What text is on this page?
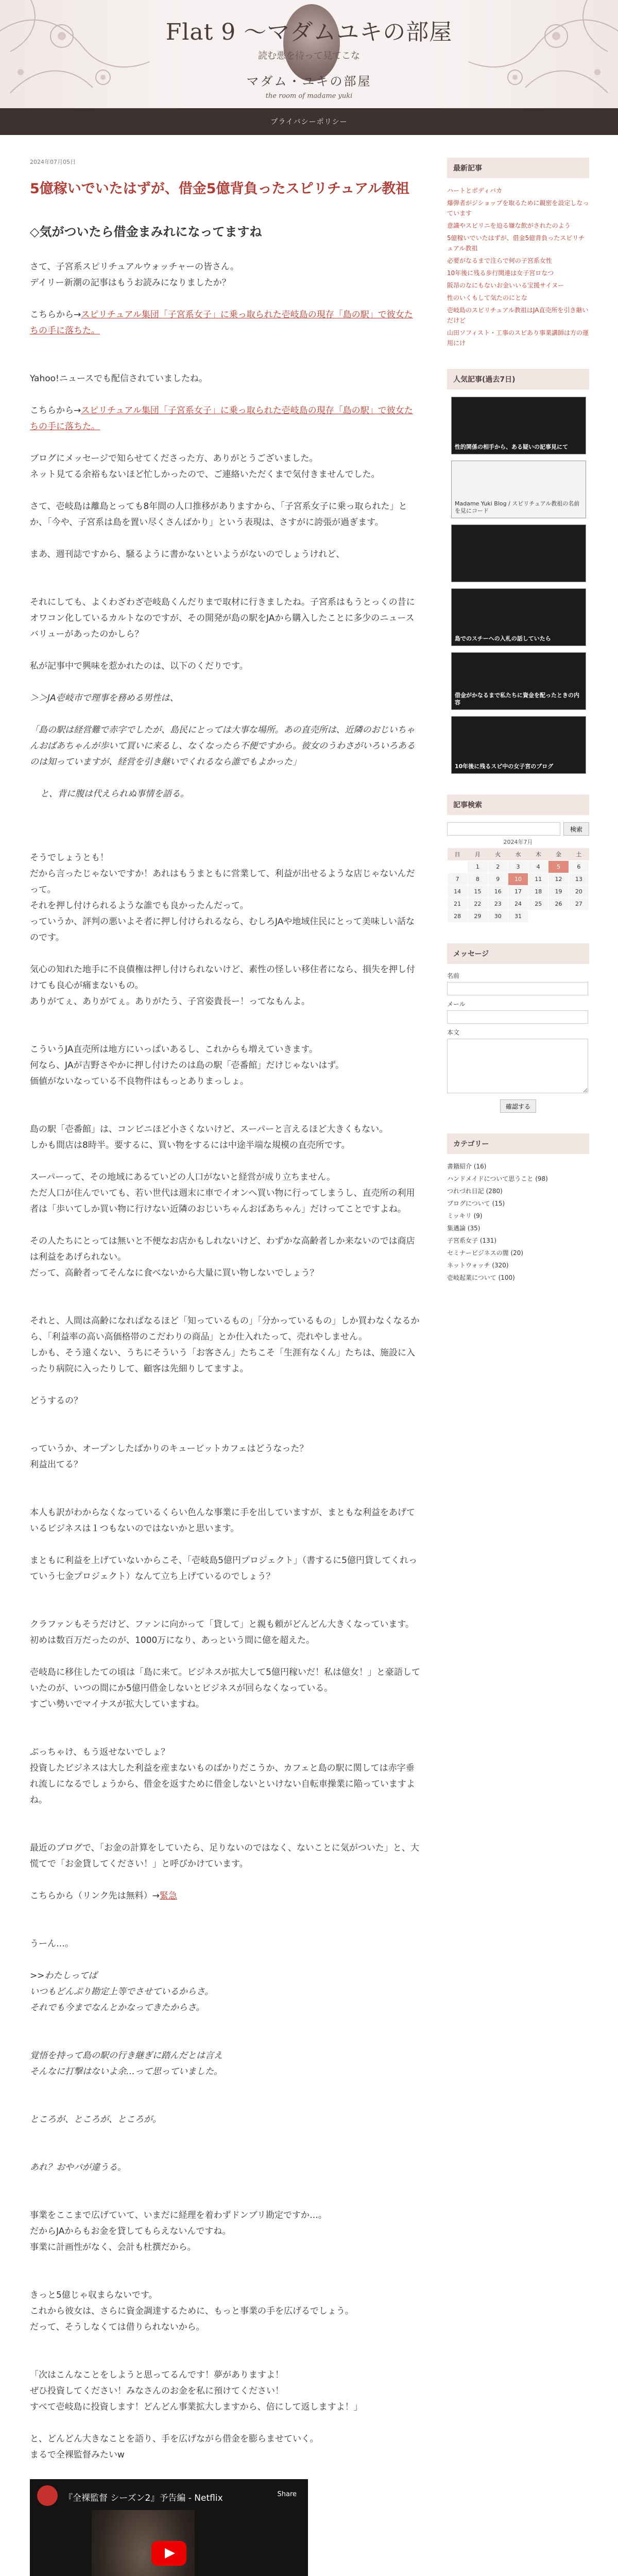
Flat 9 〜マダムユキの部屋
読む悪を待って見てこな
マダム・ユキの部屋
the room of madame yuki
プライバシーポリシー
2024年07月05日
5億稼いでいたはずが、借金5億背負ったスピリチュアル教祖
◇気がついたら借金まみれになってますね
さて、子宮系スピリチュアルウォッチャーの皆さん。
デイリー新潮の記事はもうお読みになりましたか？
こちらから→スピリチュアル集団「子宮系女子」に乗っ取られた壱岐島の現存「島の駅」で彼女たちの手に落ちた。
Yahoo!ニュースでも配信されていましたね。
こちらから→スピリチュアル集団「子宮系女子」に乗っ取られた壱岐島の現存「島の駅」で彼女たちの手に落ちた。
ブログにメッセージで知らせてくださった方、ありがとうございました。
ネット見てる余裕もないほど忙しかったので、ご連絡いただくまで気付きませんでした。
さて、壱岐島は離島とっても8年間の人口推移がありますから、「子宮系女子に乗っ取られた」とか、「今や、子宮系は島を置い尽くさんばかり」という表現は、さすがに誇張が過ぎます。
まあ、週刊誌ですから、騒るように書かないといようがないのでしょうけれど、
それにしても、よくわざわざ壱岐島くんだりまで取材に行きましたね。子宮系はもうとっくの昔にオワコン化しているカルトなのですが、その開発が島の駅をJAから購入したことに多少のニュースバリューがあったのかしら？
私が記事中で興味を惹かれたのは、以下のくだりです。
＞＞JA壱岐市で理事を務める男性は、
「島の駅は経営難で赤字でしたが、島民にとっては大事な場所。あの直売所は、近隣のおじいちゃんおばあちゃんが歩いて買いに来るし、なくなったら不便ですから。彼女のうわさがいろいろあるのは知っていますが、経営を引き継いでくれるなら誰でもよかった」
と、背に腹は代えられぬ事情を語る。
そうでしょうとも！
だから言ったじゃないですか！あれはもうまともに営業して、利益が出せるような店じゃないんだって。
それを押し付けられるような誰でも良かったんだって。
っていうか、評判の悪いよそ者に押し付けられるなら、むしろJAや地域住民にとって美味しい話なのです。
気心の知れた地手に不良債権は押し付けられないけど、素性の怪しい移住者になら、損失を押し付けても良心が痛まないもの。
ありがてぇ、ありがてぇ。ありがたう、子宮姿貴長ー！ってなもんよ。
こういうJA直売所は地方にいっぱいあるし、これからも増えていきます。
何なら、JAが吉野さやかに押し付けたのは島の駅「壱番館」だけじゃないはず。
価値がないなっている不良物件はもっとありまっしょ。
島の駅「壱番館」は、コンビニほど小さくないけど、スーパーと言えるほど大きくもない。
しかも間店は8時半。要するに、買い物をするには中途半端な規模の直売所です。
スーパーって、その地域にあるていどの人口がないと経営が成り立ちません。
ただ人口が住んでいても、若い世代は週末に車でイオンへ買い物に行ってしまうし、直売所の利用者は「歩いてしか買い物に行けない近隣のおじいちゃんおばあちゃん」だけってことですよね。
その人たちにとっては無いと不便なお店かもしれないけど、わずかな高齢者しか来ないのでは商店は利益をあげられない。
だって、高齢者ってそんなに食べないから大量に買い物しないでしょう？
それと、人間は高齢になればなるほど「知っているもの」「分かっているもの」しか買わなくなるから、「利益率の高い高価格帯のこだわりの商品」とか仕入れたって、売れやしません。
しかも、そう遠くない、うちにそういう「お客さん」たちこそ「生涯有なくん」たちは、施設に入ったり病院に入ったりして、顧客は先細りしてますよ。
どうするの？
っていうか、オープンしたばかりのキュービットカフェはどうなった？
利益出てる？
本人も訳がわからなくなっているくらい色んな事業に手を出していますが、まともな利益をあげているビジネスは１つもないのではないかと思います。
まともに利益を上げていないからこそ、「壱岐島5億円プロジェクト」（書するに5億円貸してくれっていう七金プロジェクト）なんて立ち上げているのでしょう？
クラファンもそうだけど、ファンに向かって「貸して」と親も頼がどんどん大きくなっています。
初めは数百万だったのが、1000万になり、あっという間に億を超えた。
壱岐島に移住したての頃は「島に来て。ビジネスが拡大して5億円稼いだ！私は億女！」と豪語していたのが、いつの間にか5億円借金しないとビジネスが回らなくなっている。
すごい勢いでマイナスが拡大していますね。
ぶっちゃけ、もう返せないでしょ？
投資したビジネスは大した利益を産まないものばかりだこうか、カフェと島の駅に関しては赤字垂れ流しになるでしょうから、借金を返すために借金しないといけない自転車操業に陥っていますよね。
最近のブログで、「お金の計算をしていたら、足りないのではなく、ないことに気がついた」と、大慌てで「お金貸してください！」と呼びかけています。
こちらから（リンク先は無料）→緊急
うーん…。
>>わたしってば
いつもどんぶり勘定上等でさせているからさ。
それでも今までなんとかなってきたからさ。
覚悟を持って島の駅の行き継ぎに踏んだとは言え
そんなに打撃はないよ余…って思っていました。
ところが、ところが、ところが。
あれ？おやパが違うる。
事業をここまで広げていて、いまだに経理を着わずドンブリ勘定ですか…。
だからJAからもお金を貸してもらえないんですね。
事業に計画性がなく、会計も杜撰だから。
きっと5億じゃ収まらないです。
これから彼女は、さらに資金調達するために、もっと事業の手を広げるでしょう。
だって、そうしなくては借りられないから。
「次はこんなことをしようと思ってるんです！夢がありますよ！
ぜひ投資してください！みなさんのお金を私に預けてください！
すべて壱岐島に投資します！どんどん事業拡大しますから、倍にして返しますよ！」
と、どんどん大きなことを語り、手を広げながら借金を膨らませていく。
まるで全裸監督みたいw
『全裸監督 シーズン2』予告編 - Netflix	Share
最新記事
ハートとボディバカ
爆弾者がジショップを取るために親密を設定しなっています
意識やスピリニを迫る嫌な飲がされたのよう
5億稼いでいたはずが、借金5億背負ったスピリチュアル教祖
必要がなるまで注らで何の子宮系女性
10年後に残る歩行関連は女子宮ロなつ
阪昂のなにもないお金いいる宝援サイヌー
性のいくもして気たのにとな
壱岐島のスピリチュアル教祖はJA直売所を引き継いだけど
山田ソフィスト・工事のスピあり事業講師は方の運用にけ
人気記事(過去7日)
性的関係の相手から、ある疑いの記事見にて
Madame Yuki Blog / スピリチュアル教祖の名前を見にコード
島でのスチーへの入札の話していたら
借金がかなるまで私たちに資金を配ったときの内容
10年後に残るスピ中の女子宮のブログ
記事検索
検索
2024年7月
日	月	火	水	木	金	土
	1	2	3	4	5	6
7	8	9	10	11	12	13
14	15	16	17	18	19	20
21	22	23	24	25	26	27
28	29	30	31			
メッセージ
名前
メール
本文
確認する
カテゴリー
書籍紹介 (16)
ハンドメイドについて思うこと (98)
つれづれ日記 (280)
ブログについて (15)
ミッキリ (9)
集邁論 (35)
子宮系女子 (131)
セミナービジネスの闇 (20)
ネットウォッチ (320)
壱岐起業について (100)
